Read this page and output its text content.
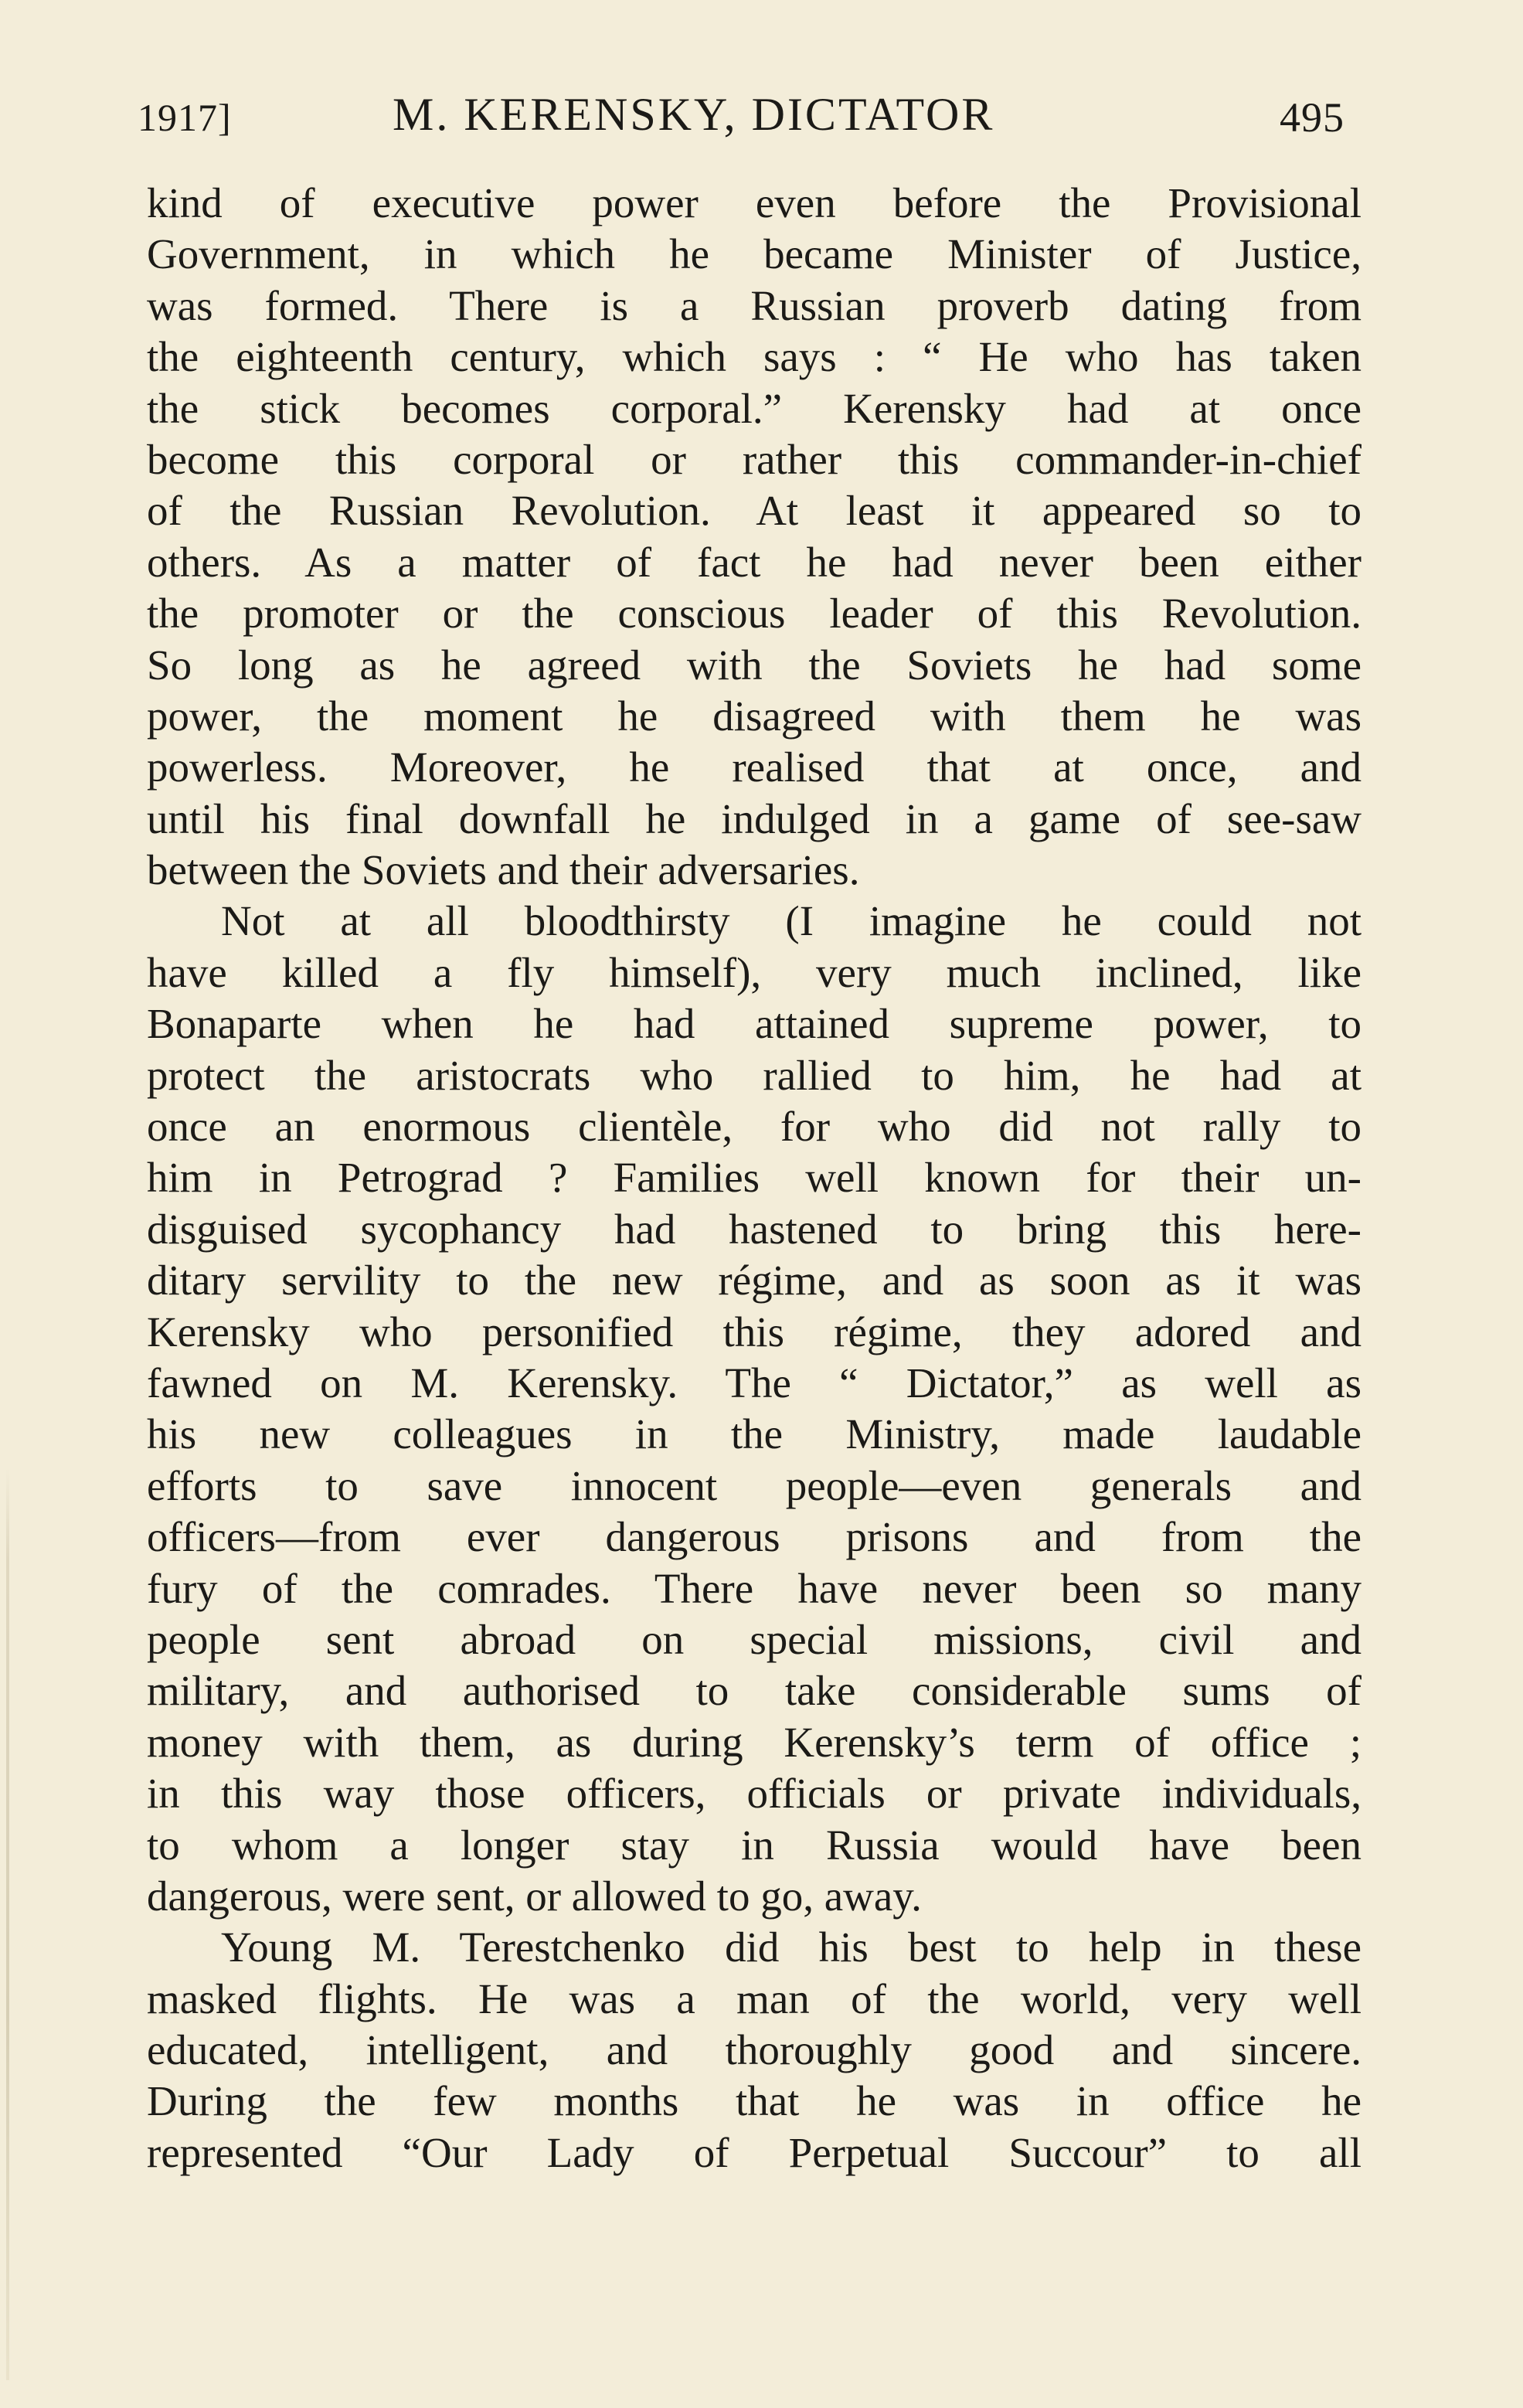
1917]	M. KERENSKY, DICTATOR	495
kind of executive power even before the Provisional
Government, in which he became Minister of Justice,
was formed. There is a Russian proverb dating from
the eighteenth century, which says : “ He who has taken
the stick becomes corporal.” Kerensky had at once
become this corporal or rather this commander-in-chief
of the Russian Revolution. At least it appeared so to
others. As a matter of fact he had never been either
the promoter or the conscious leader of this Revolution.
So long as he agreed with the Soviets he had some
power, the moment he disagreed with them he was
powerless. Moreover, he realised that at once, and
until his final downfall he indulged in a game of see-saw
between the Soviets and their adversaries.
Not at all bloodthirsty (I imagine he could not
have killed a fly himself), very much inclined, like
Bonaparte when he had attained supreme power, to
protect the aristocrats who rallied to him, he had at
once an enormous clientèle, for who did not rally to
him in Petrograd ? Families well known for their un-
disguised sycophancy had hastened to bring this here-
ditary servility to the new régime, and as soon as it was
Kerensky who personified this régime, they adored and
fawned on M. Kerensky. The “ Dictator,” as well as
his new colleagues in the Ministry, made laudable
efforts to save innocent people—even generals and
officers—from ever dangerous prisons and from the
fury of the comrades. There have never been so many
people sent abroad on special missions, civil and
military, and authorised to take considerable sums of
money with them, as during Kerensky’s term of office ;
in this way those officers, officials or private individuals,
to whom a longer stay in Russia would have been
dangerous, were sent, or allowed to go, away.
Young M. Terestchenko did his best to help in these
masked flights. He was a man of the world, very well
educated, intelligent, and thoroughly good and sincere.
During the few months that he was in office he
represented “Our Lady of Perpetual Succour” to all
